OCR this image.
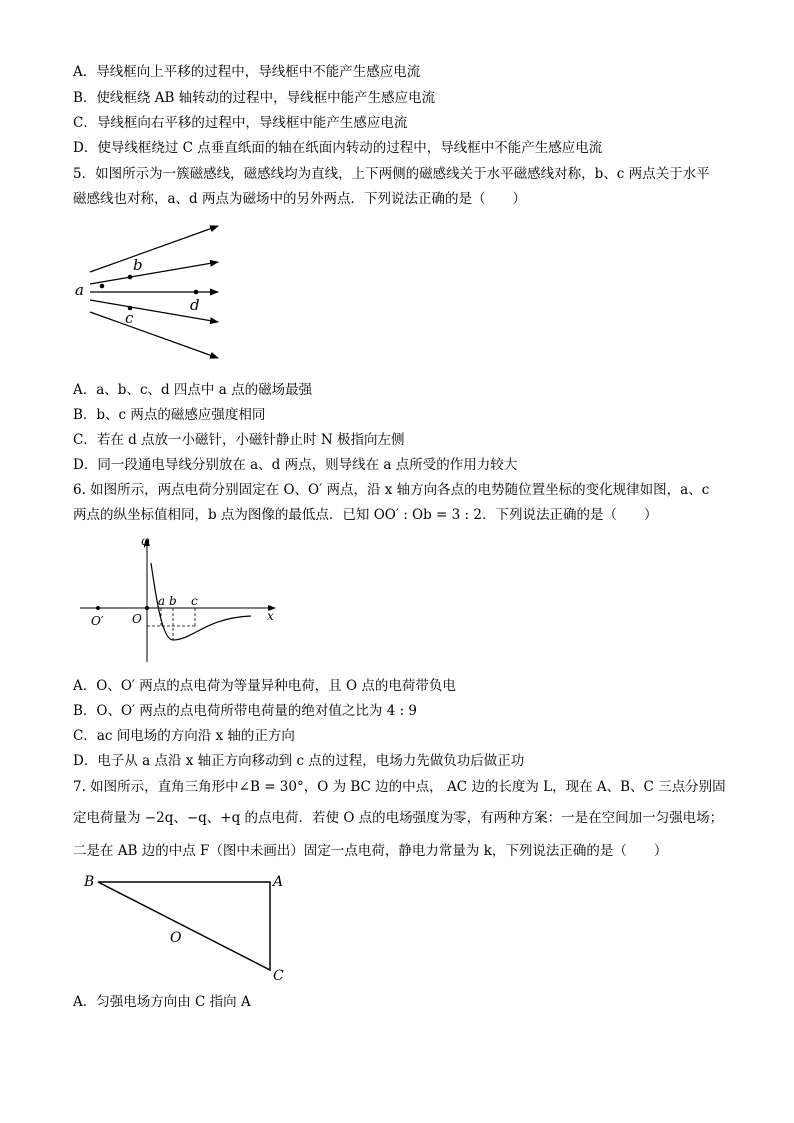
A．导线框向上平移的过程中，导线框中不能产生感应电流
B．使线框绕 AB 轴转动的过程中，导线框中能产生感应电流
C．导线框向右平移的过程中，导线框中能产生感应电流
D．使导线框绕过 C 点垂直纸面的轴在纸面内转动的过程中，导线框中不能产生感应电流
5．如图所示为一簇磁感线，磁感线均为直线，上下两侧的磁感线关于水平磁感线对称，b、c 两点关于水平
磁感线也对称，a、d 两点为磁场中的另外两点．下列说法正确的是（　　）
a
b
c
d
A．a、b、c、d 四点中 a 点的磁场最强
B．b、c 两点的磁感应强度相同
C．若在 d 点放一小磁针，小磁针静止时 N 极指向左侧
D．同一段通电导线分别放在 a、d 两点，则导线在 a 点所受的作用力较大
6. 如图所示，两点电荷分别固定在 O、O′ 两点，沿 x 轴方向各点的电势随位置坐标的变化规律如图，a、c
两点的纵坐标值相同，b 点为图像的最低点．已知 OO′ : Ob = 3 : 2．下列说法正确的是（　　）
φ
x
O
O′
a b c
A．O、O′ 两点的点电荷为等量异种电荷，且 O 点的电荷带负电
B．O、O′ 两点的点电荷所带电荷量的绝对值之比为 4 : 9
C．ac 间电场的方向沿 x 轴的正方向
D．电子从 a 点沿 x 轴正方向移动到 c 点的过程，电场力先做负功后做正功
7. 如图所示，直角三角形中∠B = 30°，O 为 BC 边的中点， AC 边的长度为 L，现在 A、B、C 三点分别固
定电荷量为 −2q、−q、+q 的点电荷．若使 O 点的电场强度为零，有两种方案：一是在空间加一匀强电场；
二是在 AB 边的中点 F（图中未画出）固定一点电荷，静电力常量为 k，下列说法正确的是（　　）
B	A
C
O
A．匀强电场方向由 C 指向 A
